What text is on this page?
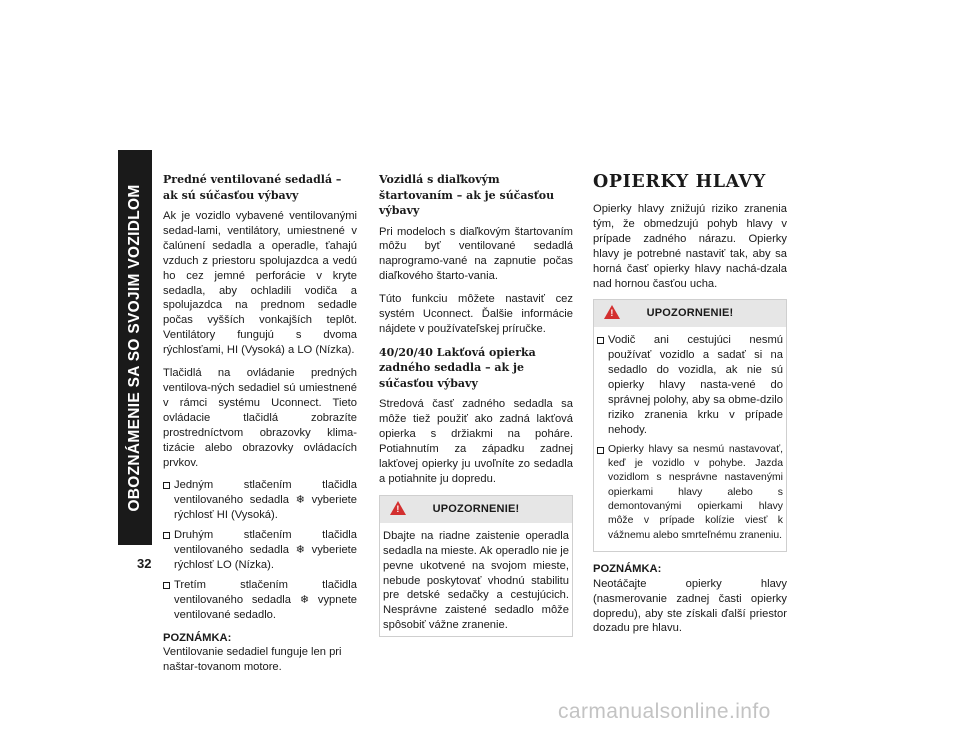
OBOZNÁMENIE SA SO SVOJIM VOZIDLOM
32
Predné ventilované sedadlá – ak sú súčasťou výbavy

Ak je vozidlo vybavené ventilovanými sedad-lami, ventilátory, umiestnené v čalúnení sedadla a operadle, ťahajú vzduch z priestoru spolujazdca a vedú ho cez jemné perforácie v kryte sedadla, aby ochladili vodiča a spolujazdca na prednom sedadle počas vyšších vonkajších teplôt. Ventilátory fungujú s dvoma rýchlosťami, HI (Vysoká) a LO (Nízka).

Tlačidlá na ovládanie predných ventilova-ných sedadiel sú umiestnené v rámci systému Uconnect. Tieto ovládacie tlačidlá zobrazíte prostredníctvom obrazovky klima-tizácie alebo obrazovky ovládacích prvkov.

Jedným stlačením tlačidla ventilovaného sedadla ❄ vyberiete rýchlosť HI (Vysoká).
Druhým stlačením tlačidla ventilovaného sedadla ❄ vyberiete rýchlosť LO (Nízka).
Tretím stlačením tlačidla ventilovaného sedadla ❄ vypnete ventilované sedadlo.
POZNÁMKA:
Ventilovanie sedadiel funguje len pri naštar-tovanom motore.
Vozidlá s diaľkovým štartovaním – ak je súčasťou výbavy

Pri modeloch s diaľkovým štartovaním môžu byť ventilované sedadlá naprogramo-vané na zapnutie počas diaľkového štarto-vania.

Túto funkciu môžete nastaviť cez systém Uconnect. Ďalšie informácie nájdete v používateľskej príručke.

40/20/40 Lakťová opierka zadného sedadla – ak je súčasťou výbavy

Stredová časť zadného sedadla sa môže tiež použiť ako zadná lakťová opierka s držiakmi na poháre. Potiahnutím za západku zadnej lakťovej opierky ju uvoľníte zo sedadla a potiahnite ju dopredu.

!	UPOZORNENIE!

Dbajte na riadne zaistenie operadla sedadla na mieste. Ak operadlo nie je pevne ukotvené na svojom mieste, nebude poskytovať vhodnú stabilitu pre detské sedačky a cestujúcich. Nesprávne zaistené sedadlo môže spôsobiť vážne zranenie.

OPIERKY HLAVY

Opierky hlavy znižujú riziko zranenia tým, že obmedzujú pohyb hlavy v prípade zadného nárazu. Opierky hlavy je potrebné nastaviť tak, aby sa horná časť opierky hlavy nachá-dzala nad hornou časťou ucha.

!	UPOZORNENIE!
Vodič ani cestujúci nesmú používať vozidlo a sadať si na sedadlo do vozidla, ak nie sú opierky hlavy nasta-vené do správnej polohy, aby sa obme-dzilo riziko zranenia krku v prípade nehody.
Opierky hlavy sa nesmú nastavovať, keď je vozidlo v pohybe. Jazda vozidlom s nesprávne nastavenými opierkami hlavy alebo s demontovanými opierkami hlavy môže v prípade kolízie viesť k vážnemu alebo smrteľnému zraneniu.
POZNÁMKA:

Neotáčajte opierky hlavy (nasmerovanie zadnej časti opierky dopredu), aby ste získali ďalší priestor dozadu pre hlavu.

carmanualsonline.info
